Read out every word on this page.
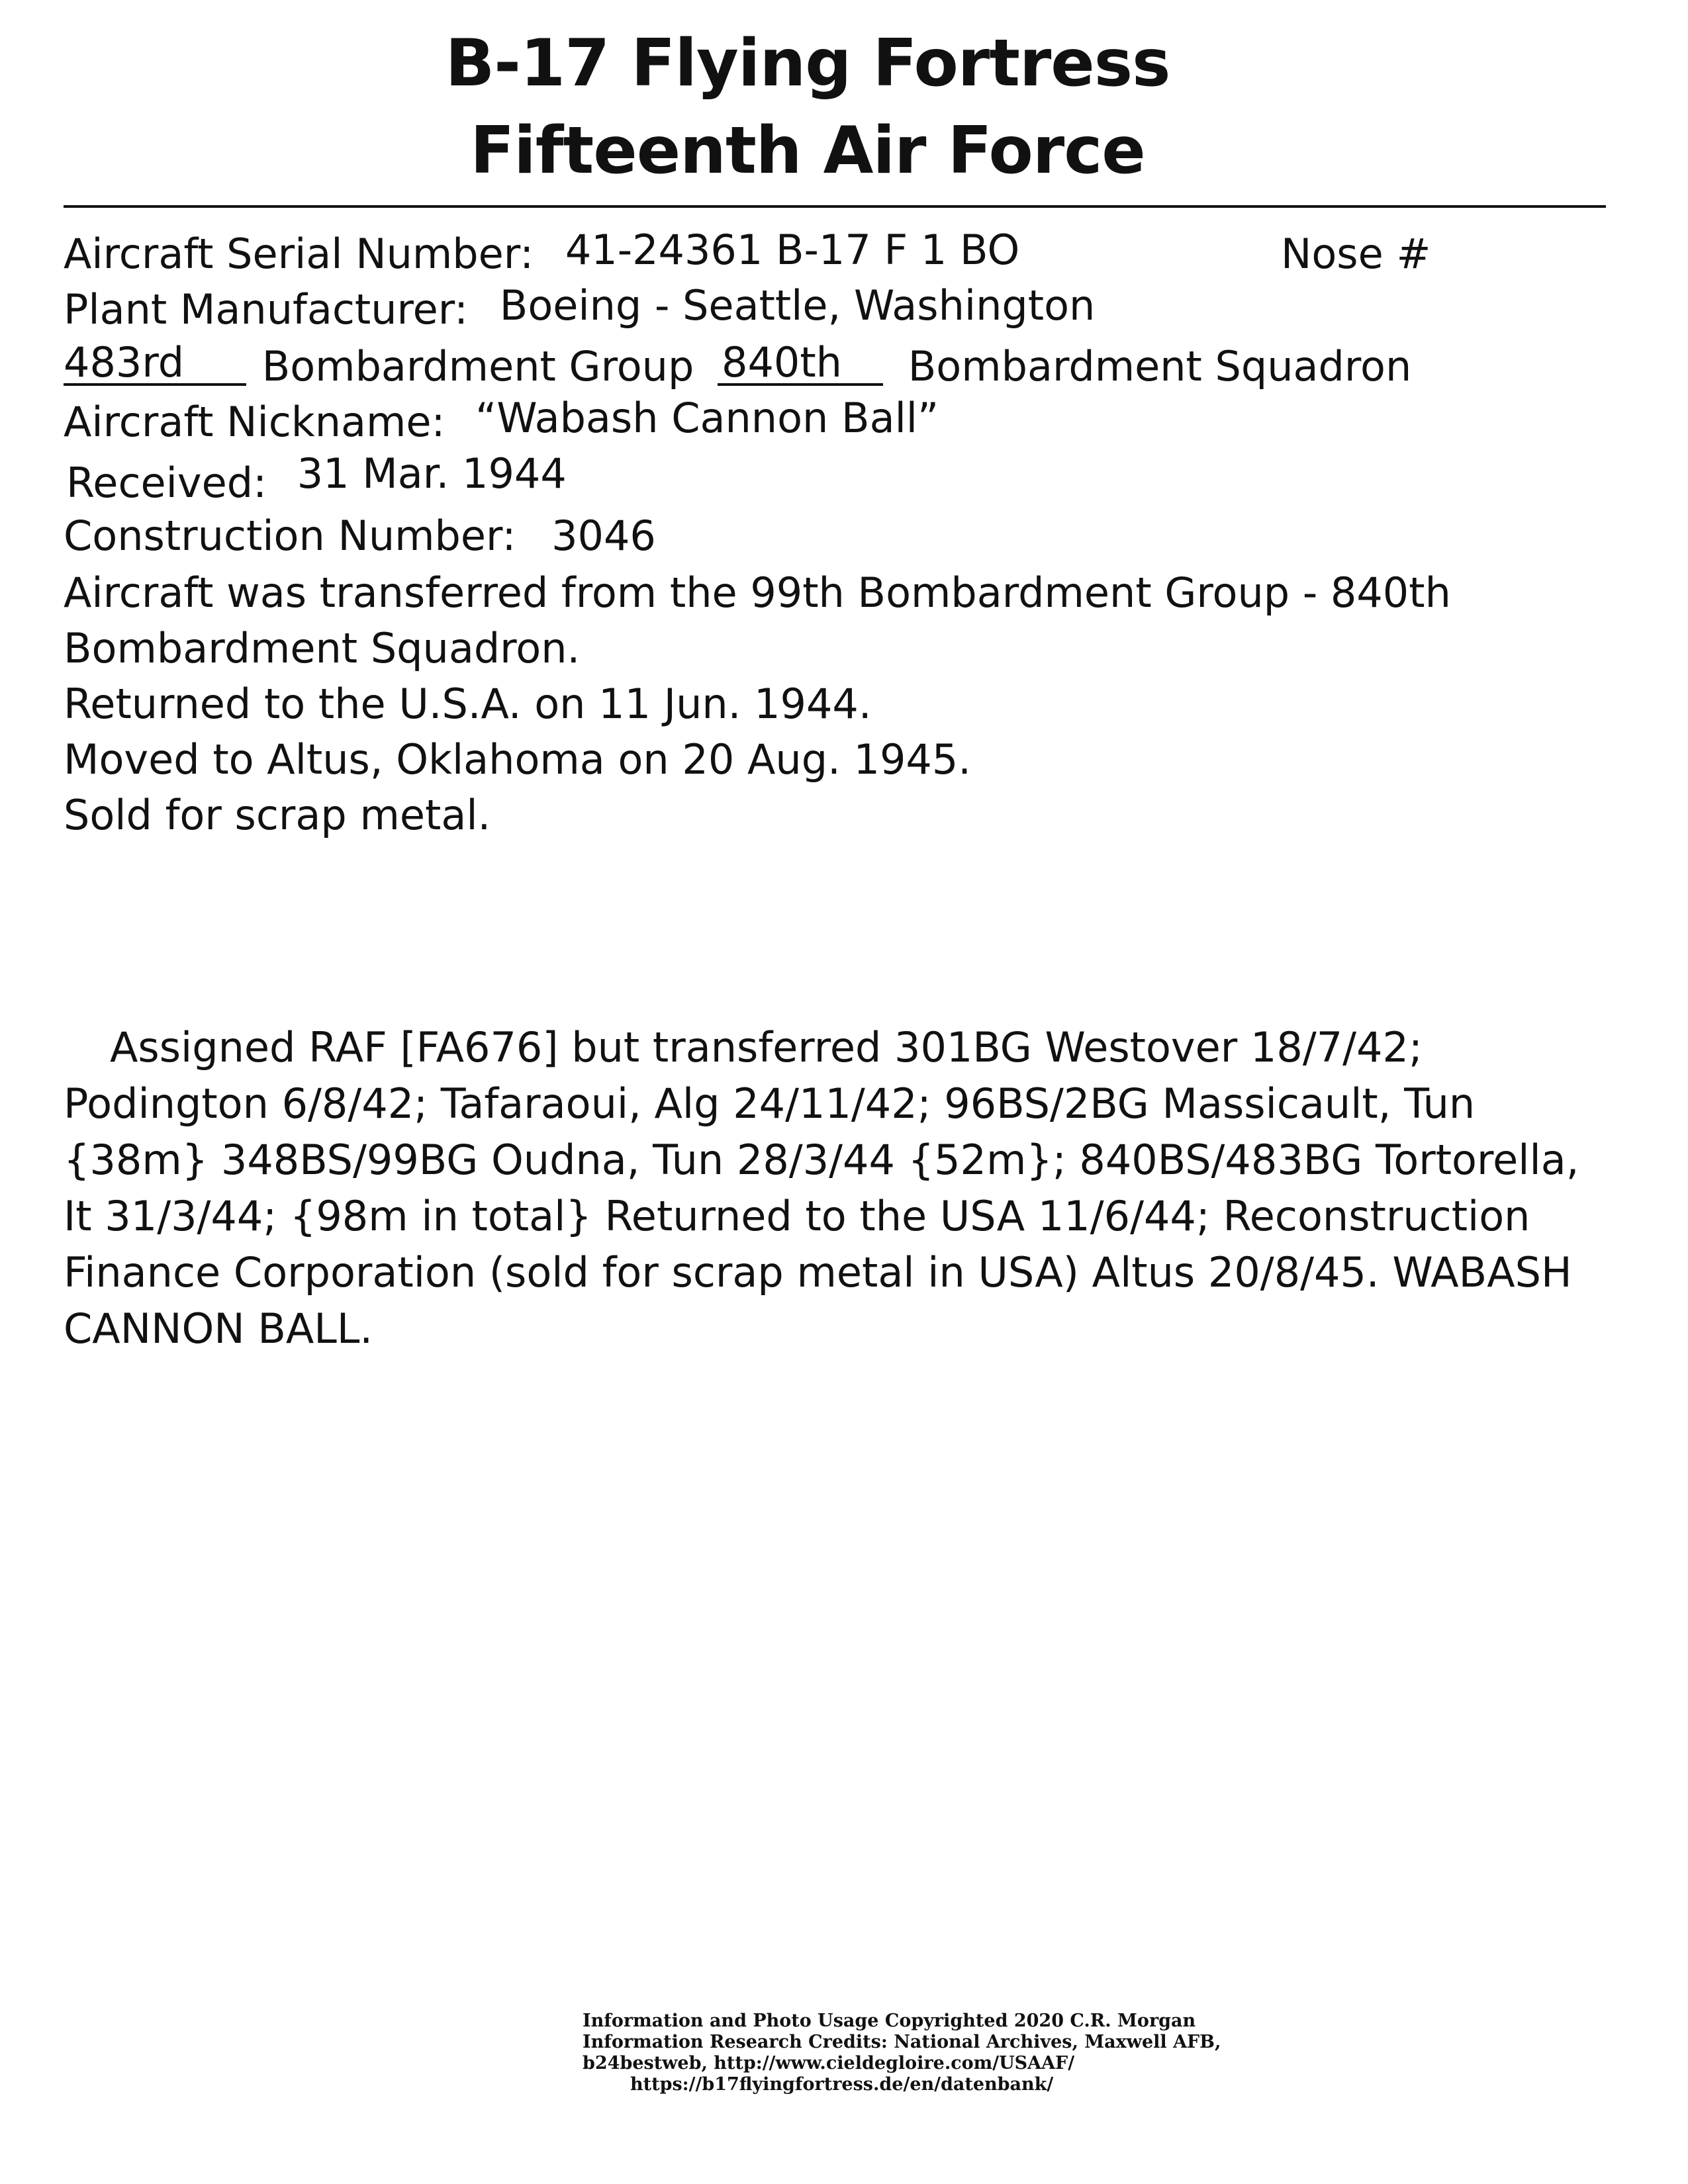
B-17 Flying Fortress
Fifteenth Air Force
Aircraft Serial Number: 41-24361 B-17 F 1 BO	Nose #
Plant Manufacturer: Boeing - Seattle, Washington
483rd Bombardment Group 840th Bombardment Squadron
Aircraft Nickname: “Wabash Cannon Ball”
Received: 31 Mar. 1944
Construction Number: 3046
Aircraft was transferred from the 99th Bombardment Group - 840th
Bombardment Squadron.
Returned to the U.S.A. on 11 Jun. 1944.
Moved to Altus, Oklahoma on 20 Aug. 1945.
Sold for scrap metal.

Assigned RAF [FA676] but transferred 301BG Westover 18/7/42; Podington 6/8/42; Tafaraoui, Alg 24/11/42; 96BS/2BG Massicault, Tun {38m} 348BS/99BG Oudna, Tun 28/3/44 {52m}; 840BS/483BG Tortorella, It 31/3/44; {98m in total} Returned to the USA 11/6/44; Reconstruction Finance Corporation (sold for scrap metal in USA) Altus 20/8/45. WABASH CANNON BALL.

Information and Photo Usage Copyrighted 2020 C.R. Morgan
Information Research Credits: National Archives, Maxwell AFB,
b24bestweb, http://www.cieldegloire.com/USAAF/
https://b17flyingfortress.de/en/datenbank/
